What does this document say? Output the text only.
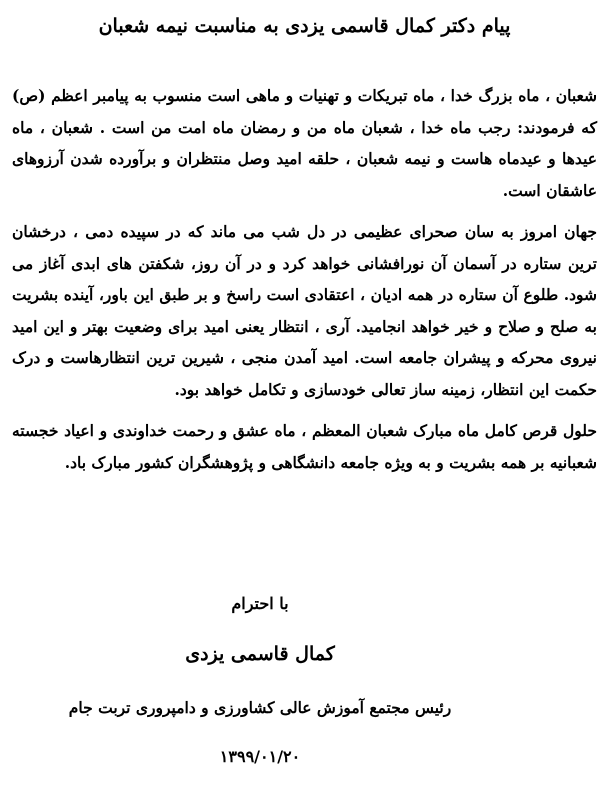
پیام دکتر کمال قاسمی یزدی به مناسبت نیمه شعبان

شعبان ، ماه بزرگ خدا ، ماه تبریکات و تهنیات و ماهی است منسوب به پیامبر اعظم (ص) که فرمودند: رجب ماه خدا ، شعبان ماه من و رمضان ماه امت من است . شعبان ، ماه عیدها و عیدماه هاست و نیمه شعبان ، حلقه امید وصل منتظران و برآورده شدن آرزوهای عاشقان است.

جهان امروز به سان صحرای عظیمی در دل شب می ماند که در سپیده دمی ، درخشان ترین ستاره در آسمان آن نورافشانی خواهد کرد و در آن روز، شکفتن های ابدی آغاز می شود. طلوع آن ستاره در همه ادیان ، اعتقادی است راسخ و بر طبق این باور، آینده بشریت به صلح و صلاح و خیر خواهد انجامید. آری ، انتظار یعنی امید برای وضعیت بهتر و این امید نیروی محرکه و پیشران جامعه است. امید آمدن منجی ، شیرین ترین انتظارهاست و درک حکمت این انتظار، زمینه ساز تعالی خودسازی و تکامل خواهد بود.

حلول قرص کامل ماه مبارک شعبان المعظم ، ماه عشق و رحمت خداوندی و اعیاد خجسته شعبانیه بر همه بشریت و به ویژه جامعه دانشگاهی و پژوهشگران کشور مبارک باد.

با احترام
کمال قاسمی یزدی
رئیس مجتمع آموزش عالی کشاورزی و دامپروری تربت جام
۱۳۹۹/۰۱/۲۰
